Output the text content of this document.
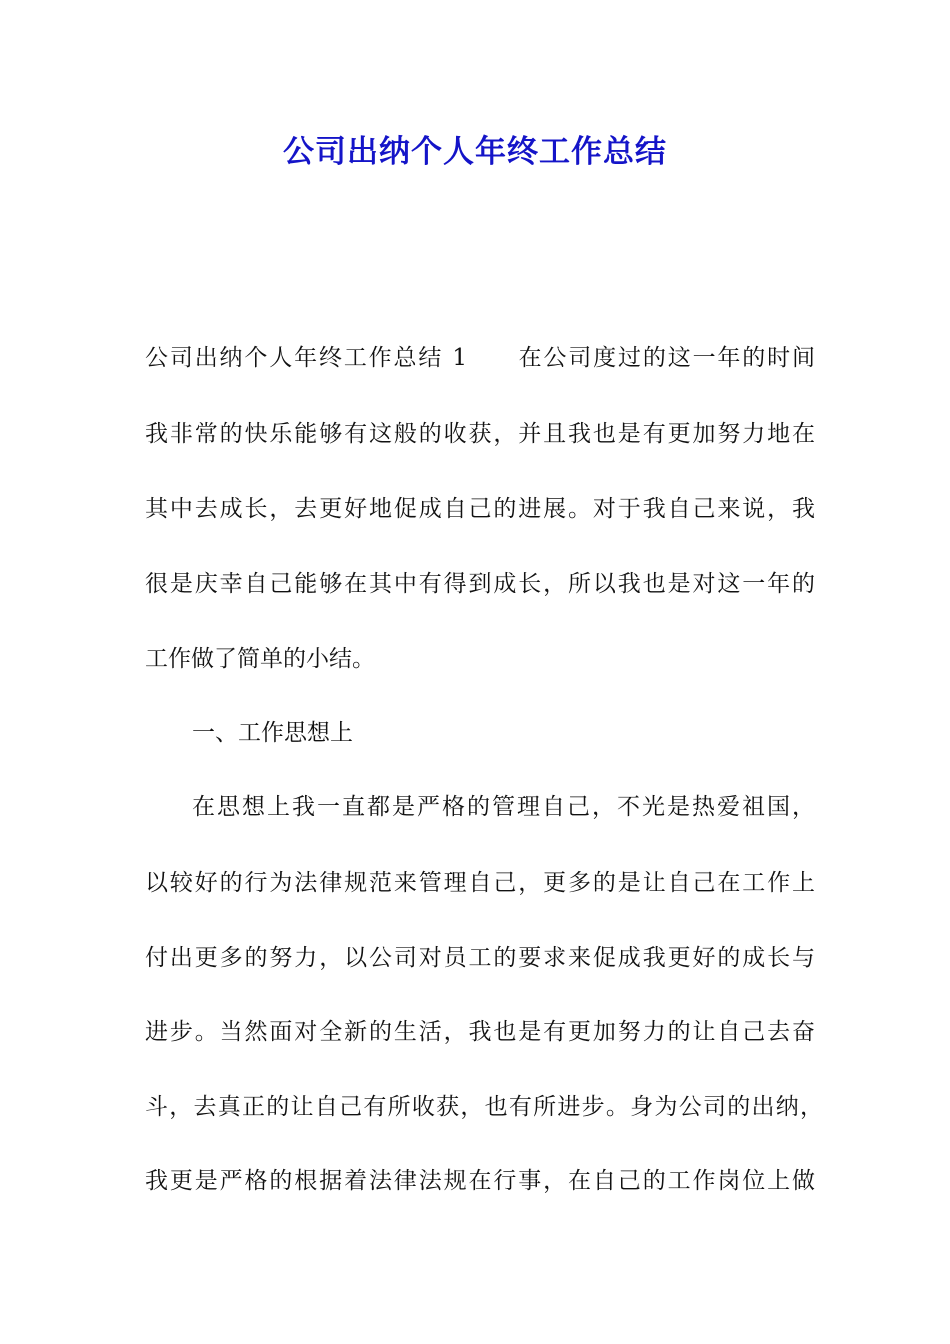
公司出纳个人年终工作总结
公司出纳个人年终工作总结 1　　在公司度过的这一年的时间
我非常的快乐能够有这般的收获，并且我也是有更加努力地在
其中去成长，去更好地促成自己的进展。对于我自己来说，我
很是庆幸自己能够在其中有得到成长，所以我也是对这一年的
工作做了简单的小结。
一、工作思想上
在思想上我一直都是严格的管理自己，不光是热爱祖国，
以较好的行为法律规范来管理自己，更多的是让自己在工作上
付出更多的努力，以公司对员工的要求来促成我更好的成长与
进步。当然面对全新的生活，我也是有更加努力的让自己去奋
斗，去真正的让自己有所收获，也有所进步。身为公司的出纳，
我更是严格的根据着法律法规在行事，在自己的工作岗位上做
